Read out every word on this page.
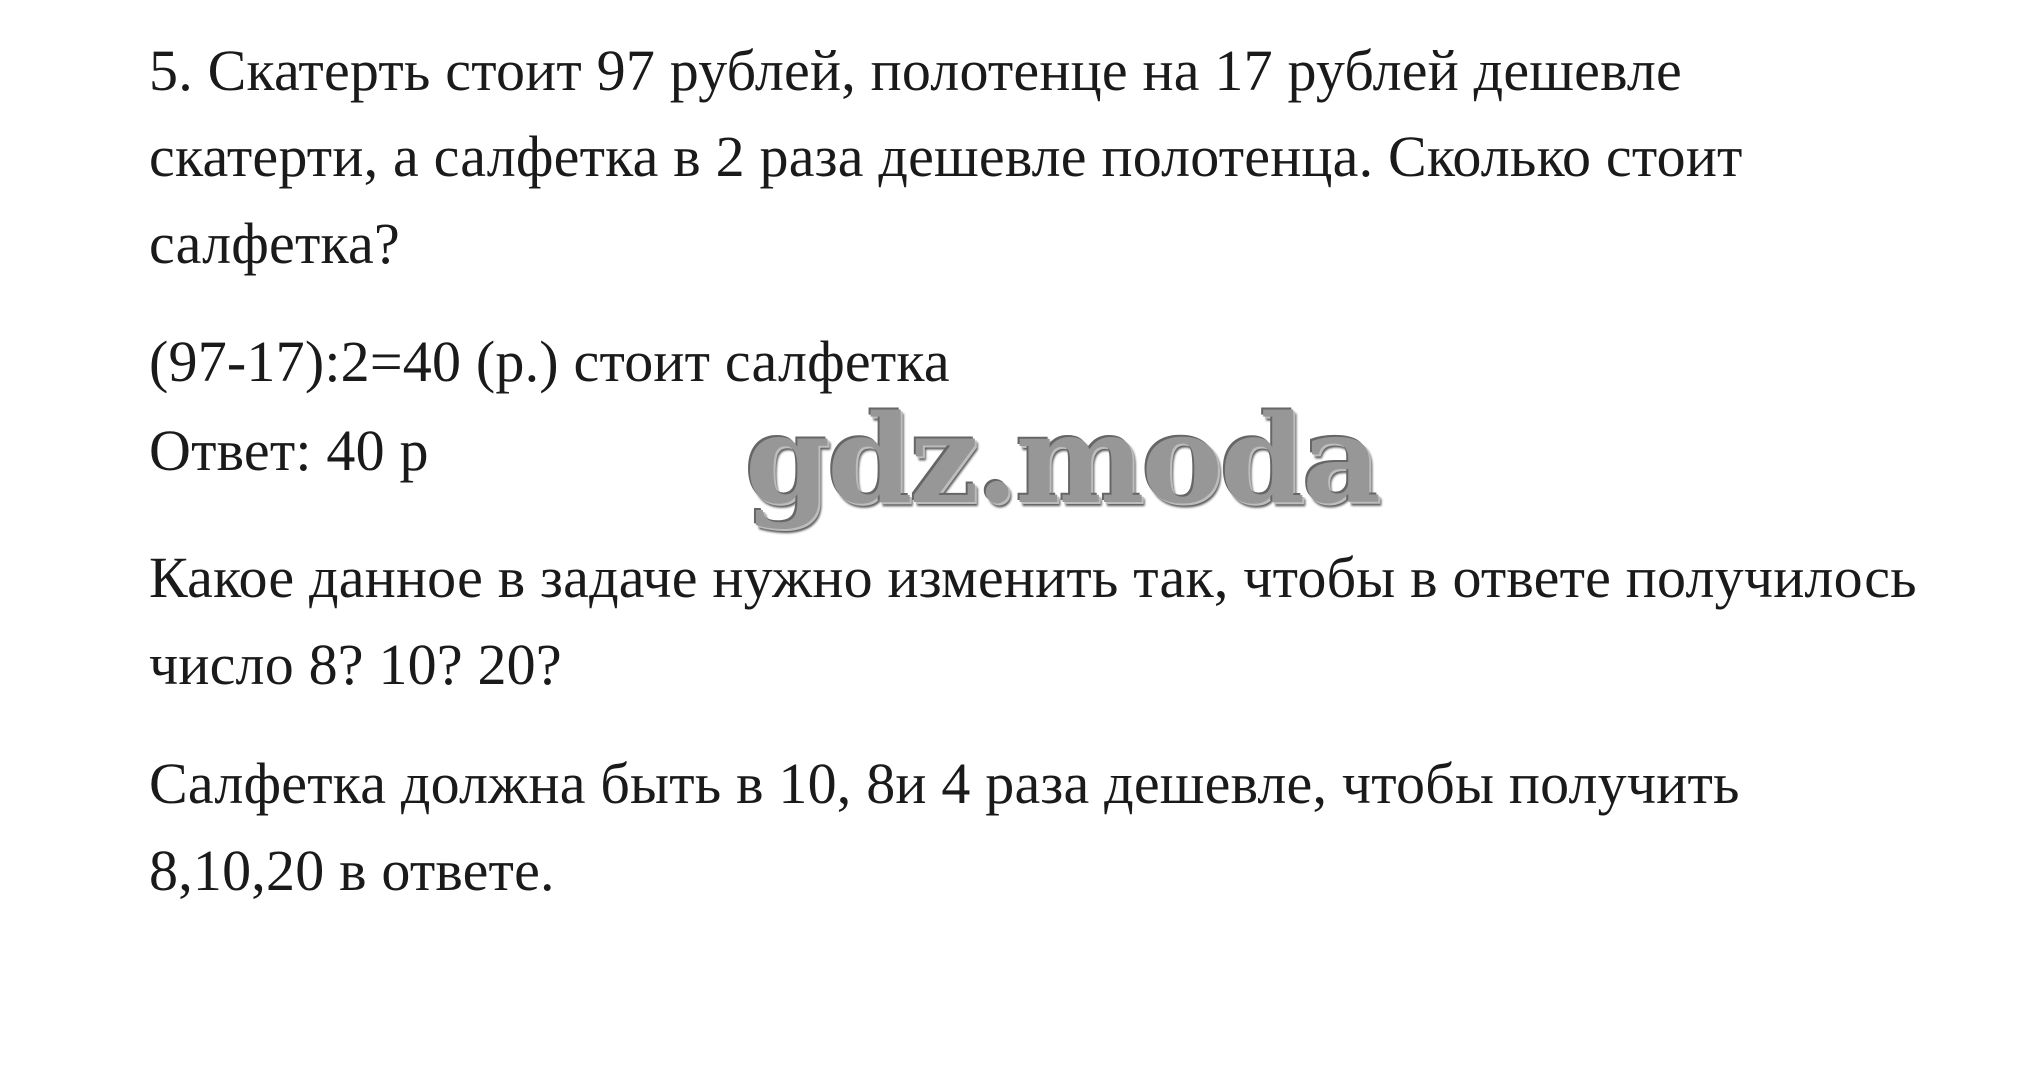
5. Скатерть стоит 97 рублей, полотенце на 17 рублей дешевле
скатерти, а салфетка в 2 раза дешевле полотенца. Сколько стоит
салфетка?
(97-17):2=40 (р.) стоит салфетка
Ответ: 40 р	gdz.moda
Какое данное в задаче нужно изменить так, чтобы в ответе получилось
число 8? 10? 20?
Салфетка должна быть в 10, 8и 4 раза дешевле, чтобы получить
8,10,20 в ответе.
